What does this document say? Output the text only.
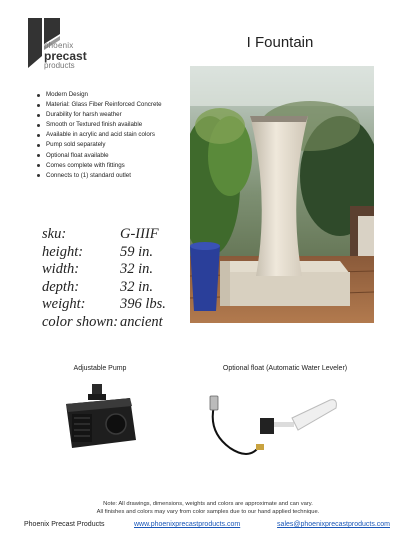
phoenix
precast
products
I Fountain
Modern Design
Material: Glass Fiber Reinforced Concrete
Durability for harsh weather
Smooth or Textured finish available
Available in acrylic and acid stain colors
Pump sold separately
Optional float available
Comes complete with fittings
Connects to (1) standard outlet
sku:	G-IIIF
height:	59 in.
width:	32 in.
depth:	32 in.
weight:	396 lbs.
color shown: ancient
Adjustable Pump	Optional float (Automatic Water Leveler)
Note: All drawings, dimensions, weights and colors are approximate and can vary.
All finishes and colors may vary from color samples due to our hand applied technique.
Phoenix Precast Products	www.phoenixprecastproducts.com	sales@phoenixprecastproducts.com
